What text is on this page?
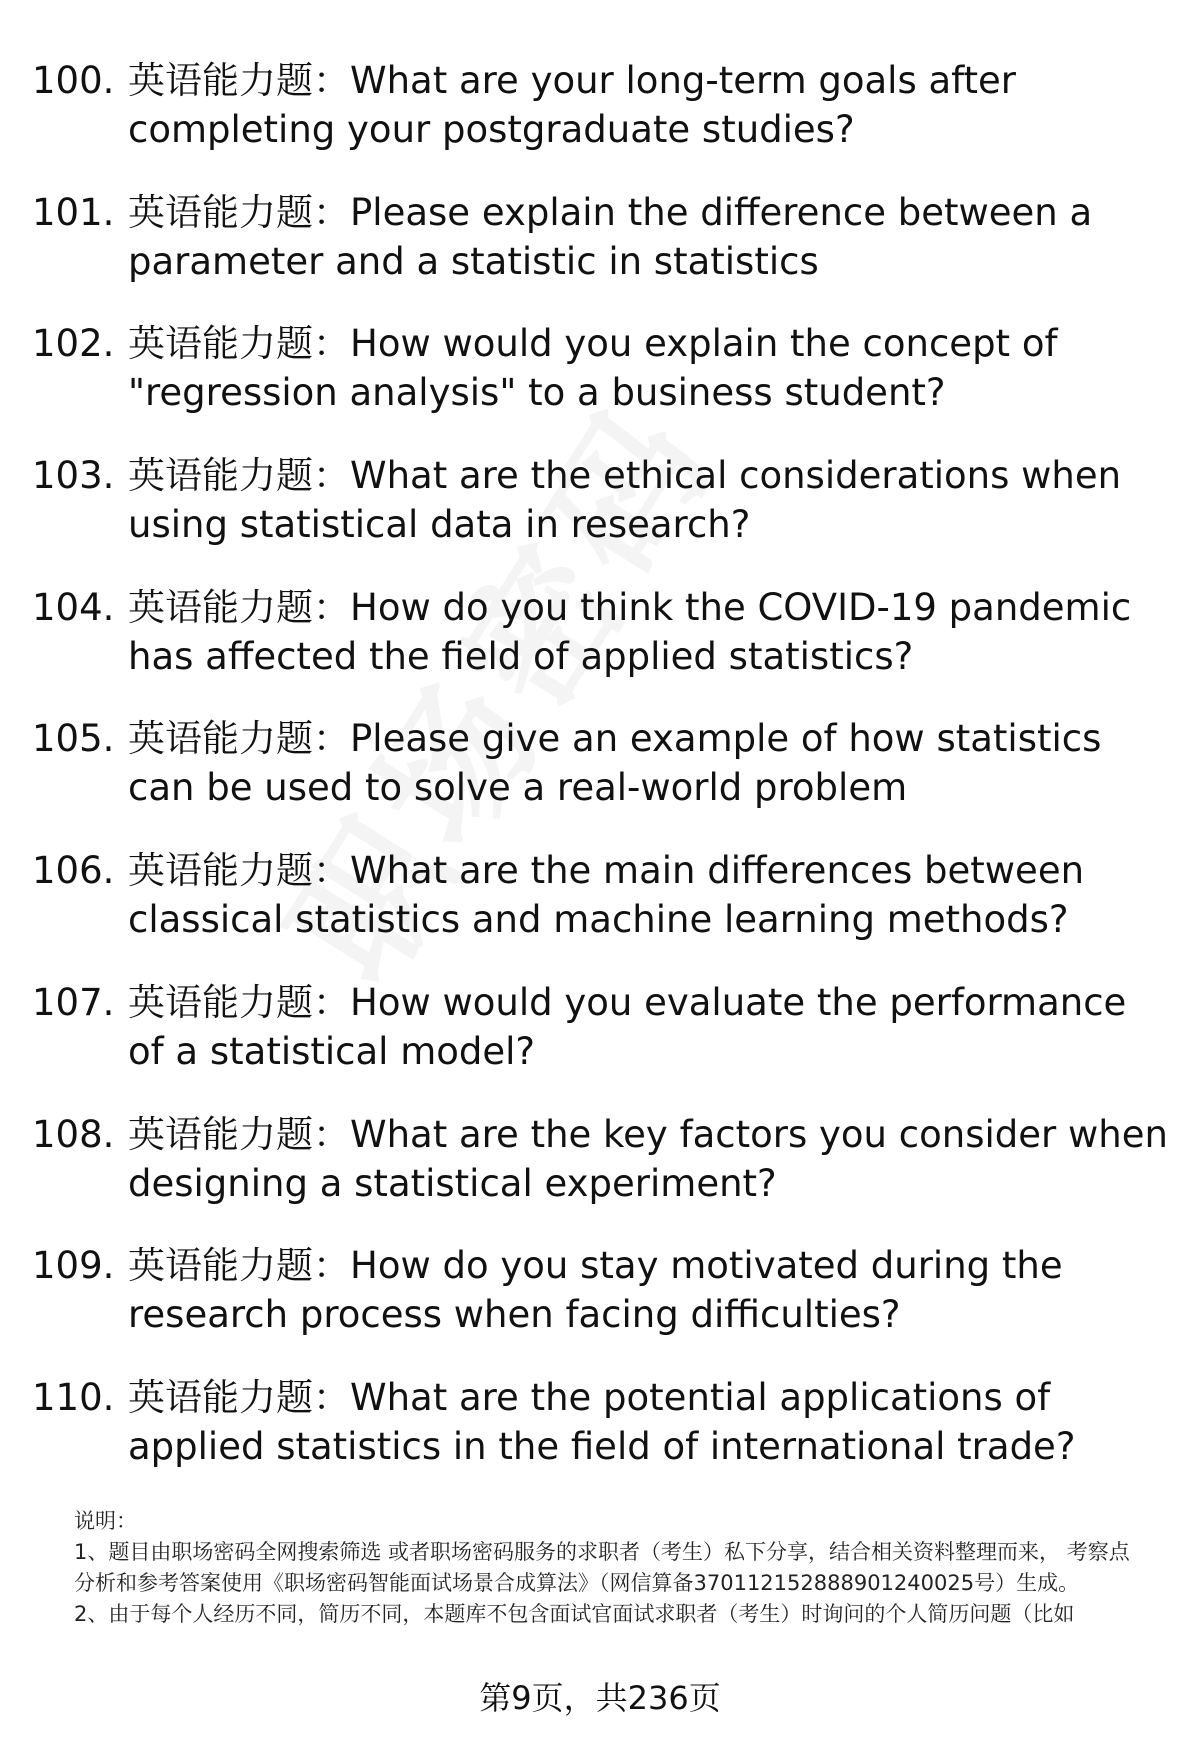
100. 英语能力题：What are your long-term goals after completing your postgraduate studies?
101. 英语能力题：Please explain the difference between a parameter and a statistic in statistics
102. 英语能力题：How would you explain the concept of "regression analysis" to a business student?
103. 英语能力题：What are the ethical considerations when using statistical data in research?
104. 英语能力题：How do you think the COVID-19 pandemic has affected the field of applied statistics?
105. 英语能力题：Please give an example of how statistics can be used to solve a real-world problem
106. 英语能力题：What are the main differences between classical statistics and machine learning methods?
107. 英语能力题：How would you evaluate the performance of a statistical model?
108. 英语能力题：What are the key factors you consider when designing a statistical experiment?
109. 英语能力题：How do you stay motivated during the research process when facing difficulties?
110. 英语能力题：What are the potential applications of applied statistics in the field of international trade?

说明：

1、题目由职场密码全网搜索筛选 或者职场密码服务的求职者（考生）私下分享，结合相关资料整理而来， 考察点分析和参考答案使用《职场密码智能面试场景合成算法》（网信算备370112152888901240025号）生成。

2、由于每个人经历不同，简历不同，本题库不包含面试官面试求职者（考生）时询问的个人简历问题（比如

第9页，共236页
